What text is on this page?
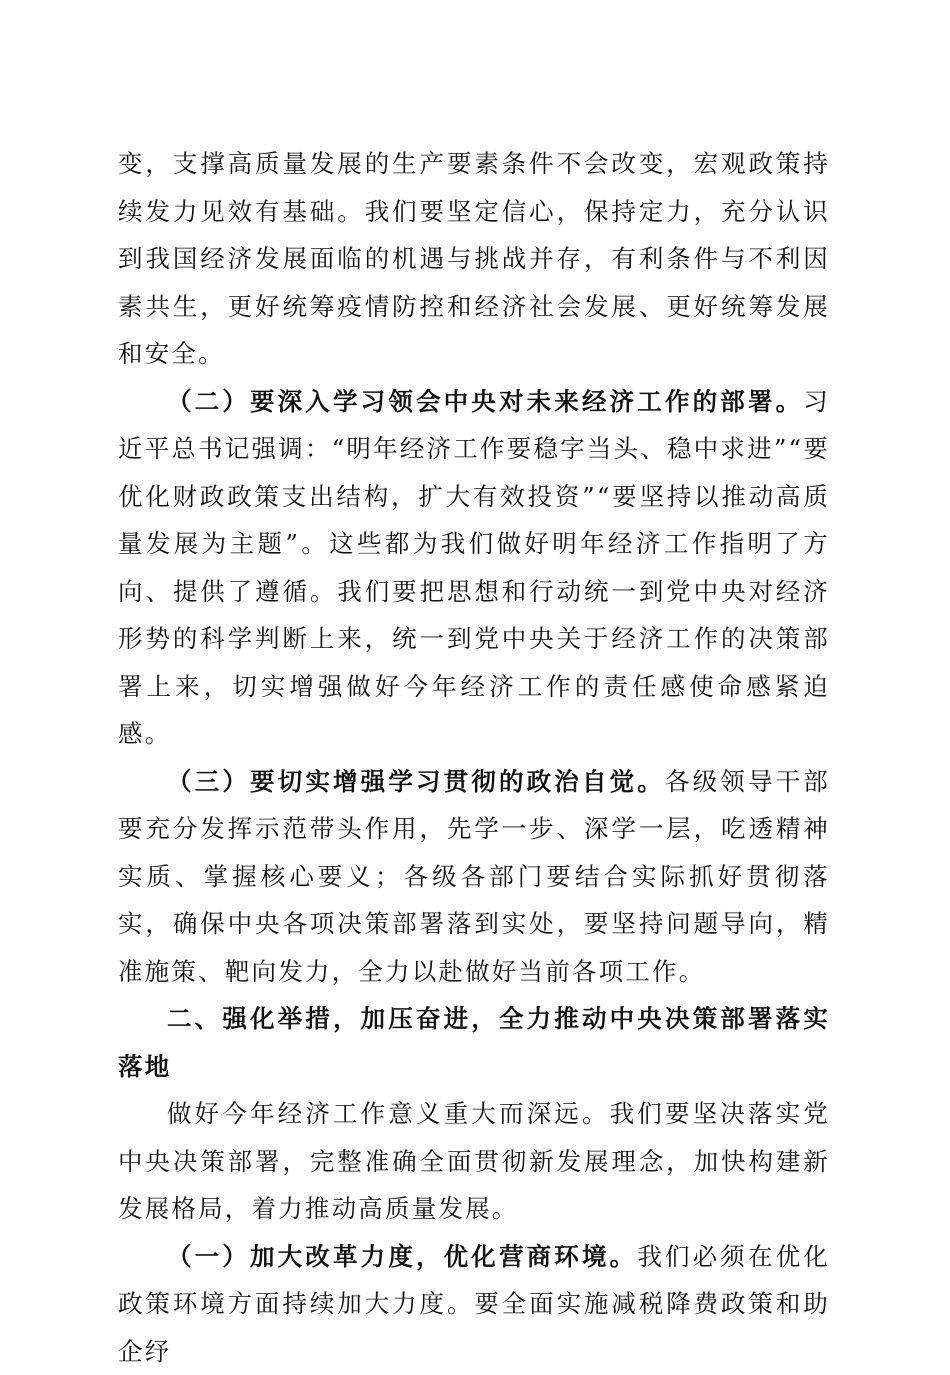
变，支撑高质量发展的生产要素条件不会改变，宏观政策持续发力见效有基础。我们要坚定信心，保持定力，充分认识到我国经济发展面临的机遇与挑战并存，有利条件与不利因素共生，更好统筹疫情防控和经济社会发展、更好统筹发展和安全。

（二）要深入学习领会中央对未来经济工作的部署。习近平总书记强调：“明年经济工作要稳字当头、稳中求进”“要优化财政政策支出结构，扩大有效投资”“要坚持以推动高质量发展为主题”。这些都为我们做好明年经济工作指明了方向、提供了遵循。我们要把思想和行动统一到党中央对经济形势的科学判断上来，统一到党中央关于经济工作的决策部署上来，切实增强做好今年经济工作的责任感使命感紧迫感。

（三）要切实增强学习贯彻的政治自觉。各级领导干部要充分发挥示范带头作用，先学一步、深学一层，吃透精神实质、掌握核心要义；各级各部门要结合实际抓好贯彻落实，确保中央各项决策部署落到实处，要坚持问题导向，精准施策、靶向发力，全力以赴做好当前各项工作。

二、强化举措，加压奋进，全力推动中央决策部署落实落地

做好今年经济工作意义重大而深远。我们要坚决落实党中央决策部署，完整准确全面贯彻新发展理念，加快构建新发展格局，着力推动高质量发展。

（一）加大改革力度，优化营商环境。我们必须在优化政策环境方面持续加大力度。要全面实施减税降费政策和助企纾
